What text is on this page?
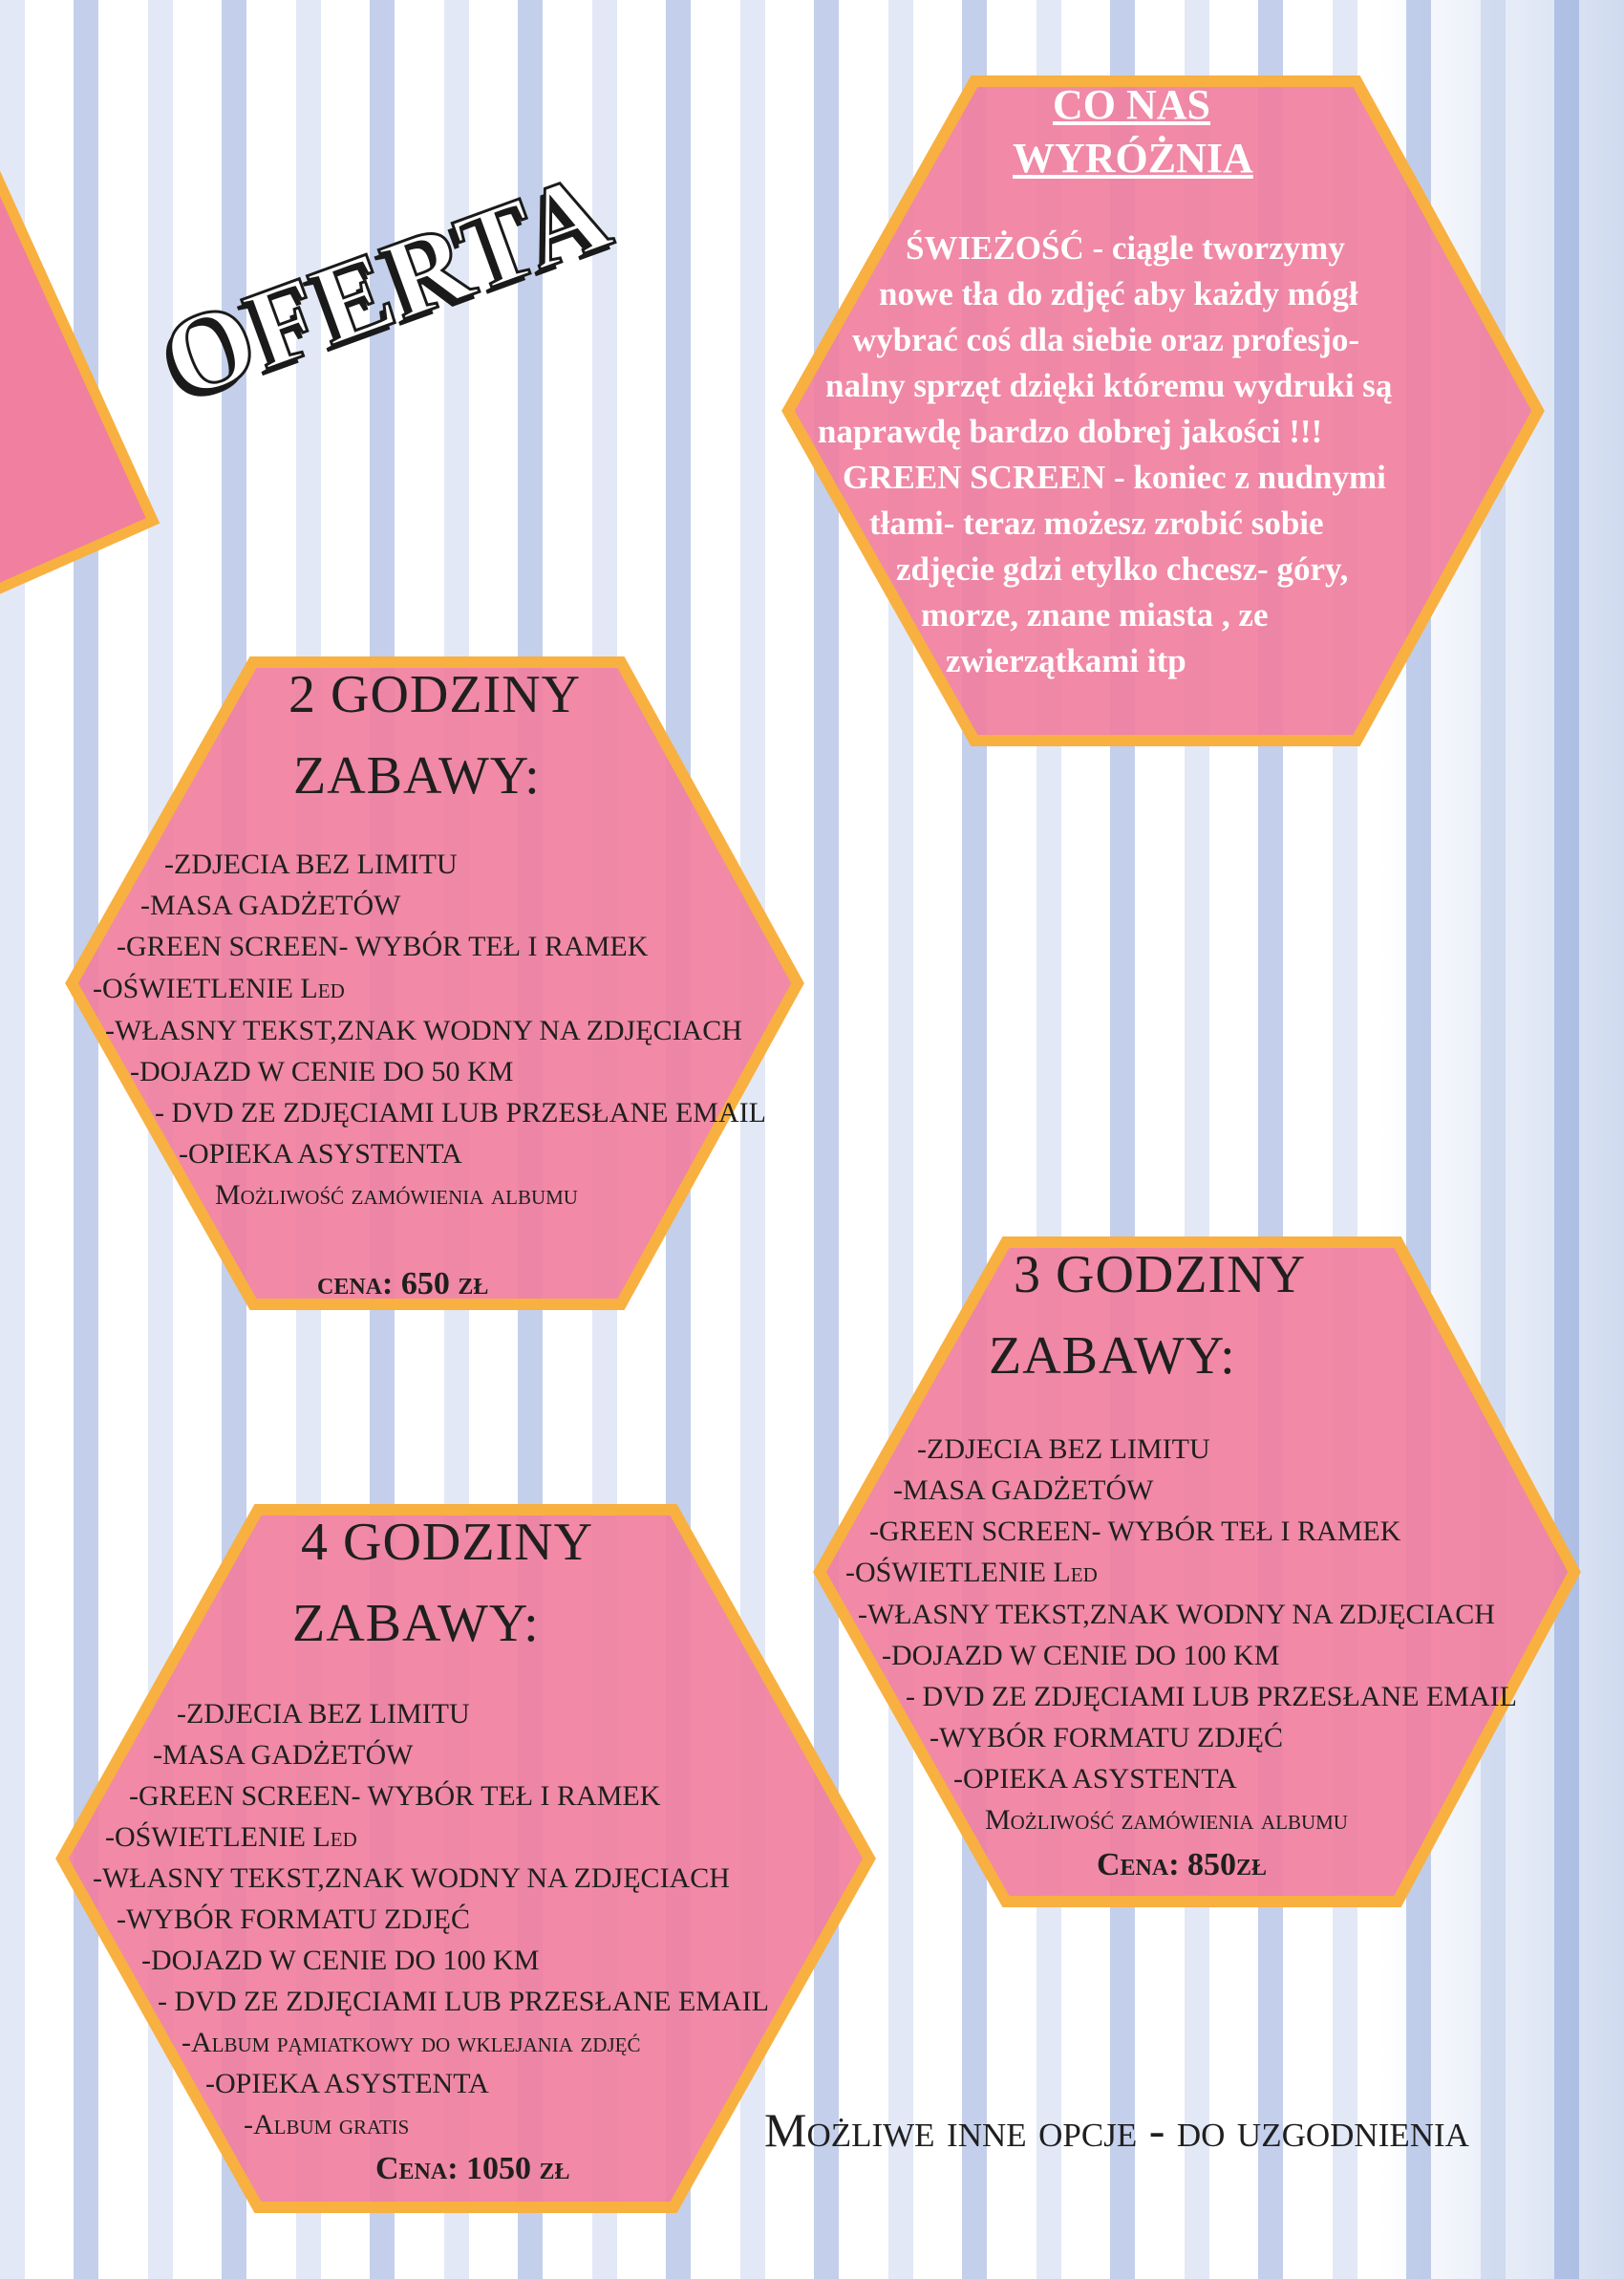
OFERTA
CO NAS
WYRÓŻNIA
ŚWIEŻOŚĆ - ciągle tworzymy
nowe tła do zdjęć aby każdy mógł
wybrać coś dla siebie oraz profesjo-
nalny sprzęt dzięki któremu wydruki są
naprawdę bardzo dobrej jakości !!!
GREEN SCREEN - koniec z nudnymi
tłami- teraz możesz zrobić sobie
zdjęcie gdzi etylko chcesz- góry,
morze, znane miasta , ze
zwierzątkami itp
2 GODZINY
ZABAWY:
-ZDJECIA BEZ LIMITU
-MASA GADŻETÓW
-GREEN SCREEN- WYBÓR TEŁ I RAMEK
-OŚWIETLENIE Led
-WŁASNY TEKST,ZNAK WODNY NA ZDJĘCIACH
-DOJAZD W CENIE DO 50 KM
- DVD ZE ZDJĘCIAMI LUB PRZESŁANE EMAIL
-OPIEKA ASYSTENTA
Możliwość zamówienia albumu
cena: 650 zł	3 GODZINY
ZABAWY:
-ZDJECIA BEZ LIMITU
-MASA GADŻETÓW
-GREEN SCREEN- WYBÓR TEŁ I RAMEK
-OŚWIETLENIE Led
-WŁASNY TEKST,ZNAK WODNY NA ZDJĘCIACH
-DOJAZD W CENIE DO 100 KM
- DVD ZE ZDJĘCIAMI LUB PRZESŁANE EMAIL
-WYBÓR FORMATU ZDJĘĆ
-OPIEKA ASYSTENTA
Możliwość zamówienia albumu
Cena: 850zł
4 GODZINY
ZABAWY:
-ZDJECIA BEZ LIMITU
-MASA GADŻETÓW
-GREEN SCREEN- WYBÓR TEŁ I RAMEK
-OŚWIETLENIE Led
-WŁASNY TEKST,ZNAK WODNY NA ZDJĘCIACH
-WYBÓR FORMATU ZDJĘĆ
-DOJAZD W CENIE DO 100 KM
- DVD ZE ZDJĘCIAMI LUB PRZESŁANE EMAIL
-Album pąmiatkowy do wklejania zdjęć
-OPIEKA ASYSTENTA
-Album gratis
Cena: 1050 zł
Możliwe inne opcje - do uzgodnienia
